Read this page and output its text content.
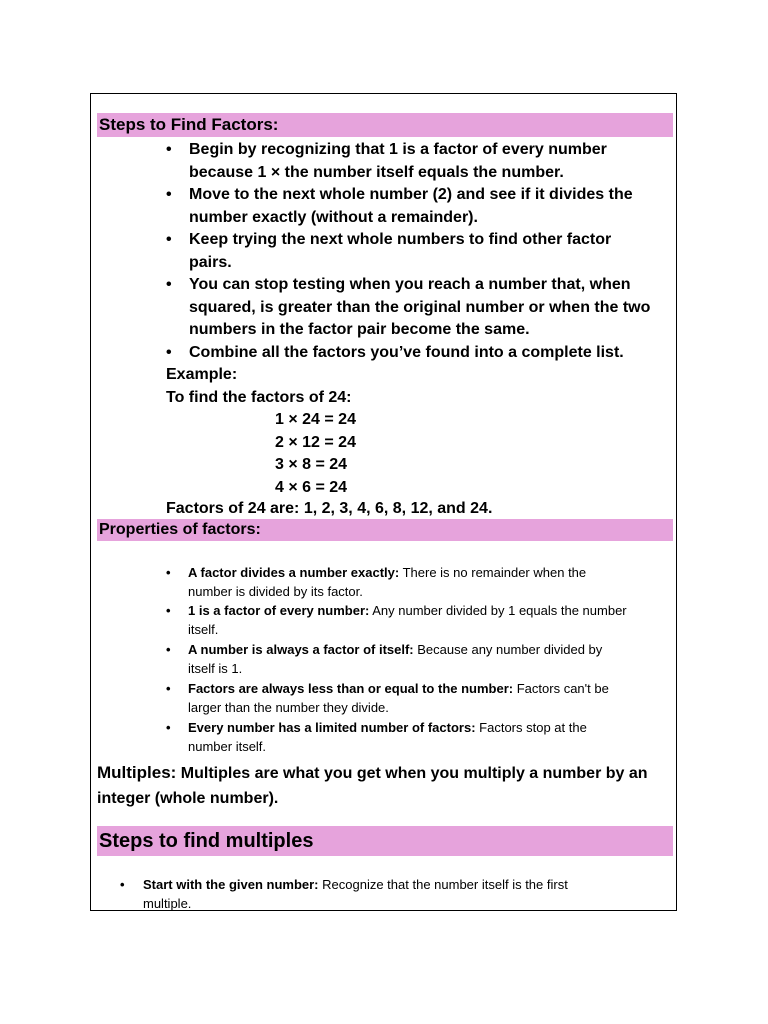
Steps to Find Factors:
• Begin by recognizing that 1 is a factor of every number
because 1 × the number itself equals the number.
• Move to the next whole number (2) and see if it divides the
number exactly (without a remainder).
• Keep trying the next whole numbers to find other factor
pairs.
• You can stop testing when you reach a number that, when
squared, is greater than the original number or when the two
numbers in the factor pair become the same.
• Combine all the factors you’ve found into a complete list.
Example:
To find the factors of 24:
1 × 24 = 24
2 × 12 = 24
3 × 8 = 24
4 × 6 = 24
Factors of 24 are: 1, 2, 3, 4, 6, 8, 12, and 24.
Properties of factors:
• A factor divides a number exactly: There is no remainder when the
number is divided by its factor.
• 1 is a factor of every number: Any number divided by 1 equals the number
itself.
• A number is always a factor of itself: Because any number divided by
itself is 1.
• Factors are always less than or equal to the number: Factors can't be
larger than the number they divide.
• Every number has a limited number of factors: Factors stop at the
number itself.
Multiples: Multiples are what you get when you multiply a number by an
integer (whole number).
Steps to find multiples
• Start with the given number: Recognize that the number itself is the first
multiple.
